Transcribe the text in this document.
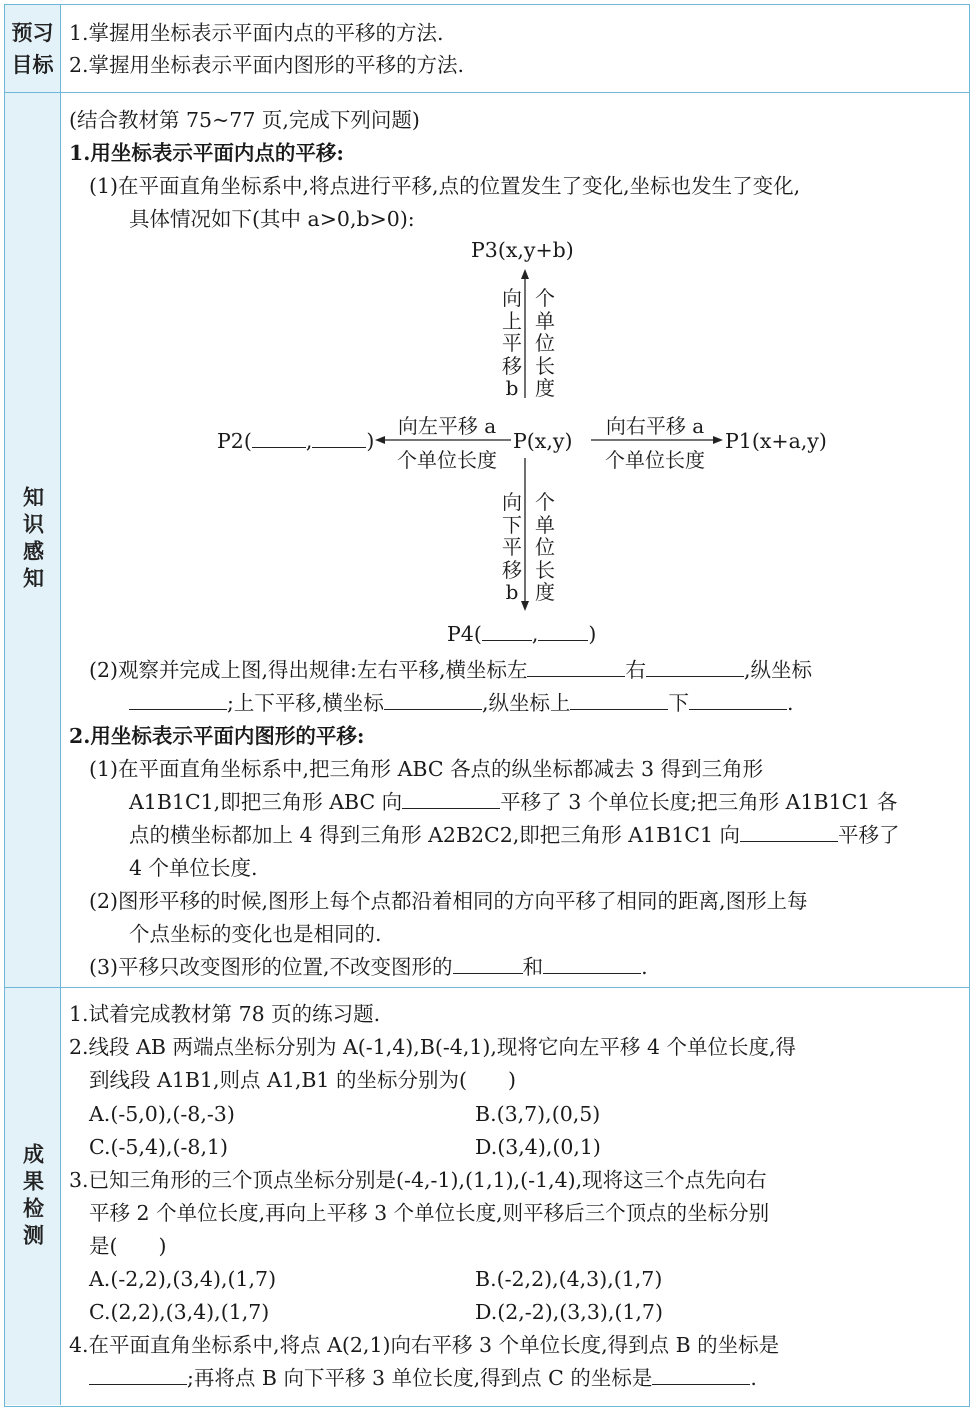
预习
目标
1.掌握用坐标表示平面内点的平移的方法.
2.掌握用坐标表示平面内图形的平移的方法.
知识感知
(结合教材第 75~77 页,完成下列问题)
1.用坐标表示平面内点的平移:
(1)在平面直角坐标系中,将点进行平移,点的位置发生了变化,坐标也发生了变化,
具体情况如下(其中 a>0,b>0):
P3(x,y+b)
向上平移b
个单位长度
向下平移b
个单位长度
向左平移 a
个单位长度
向右平移 a
个单位长度
P2(	,	)	P(x,y)	P1(x+a,y)
P4( , )
(2)观察并完成上图,得出规律:左右平移,横坐标左	右	,纵坐标
;上下平移,横坐标	,纵坐标上	下	.
2.用坐标表示平面内图形的平移:
(1)在平面直角坐标系中,把三角形 ABC 各点的纵坐标都减去 3 得到三角形
A1B1C1,即把三角形 ABC 向	平移了 3 个单位长度;把三角形 A1B1C1 各
点的横坐标都加上 4 得到三角形 A2B2C2,即把三角形 A1B1C1 向	平移了
4 个单位长度.
(2)图形平移的时候,图形上每个点都沿着相同的方向平移了相同的距离,图形上每
个点坐标的变化也是相同的.
(3)平移只改变图形的位置,不改变图形的	和	.
成果检测
1.试着完成教材第 78 页的练习题.
2.线段 AB 两端点坐标分别为 A(-1,4),B(-4,1),现将它向左平移 4 个单位长度,得
到线段 A1B1,则点 A1,B1 的坐标分别为(　　)
A.(-5,0),(-8,-3)	B.(3,7),(0,5)
C.(-5,4),(-8,1)	D.(3,4),(0,1)
3.已知三角形的三个顶点坐标分别是(-4,-1),(1,1),(-1,4),现将这三个点先向右
平移 2 个单位长度,再向上平移 3 个单位长度,则平移后三个顶点的坐标分别
是(　　)
A.(-2,2),(3,4),(1,7)	B.(-2,2),(4,3),(1,7)
C.(2,2),(3,4),(1,7)	D.(2,-2),(3,3),(1,7)
4.在平面直角坐标系中,将点 A(2,1)向右平移 3 个单位长度,得到点 B 的坐标是
;再将点 B 向下平移 3 单位长度,得到点 C 的坐标是	.
